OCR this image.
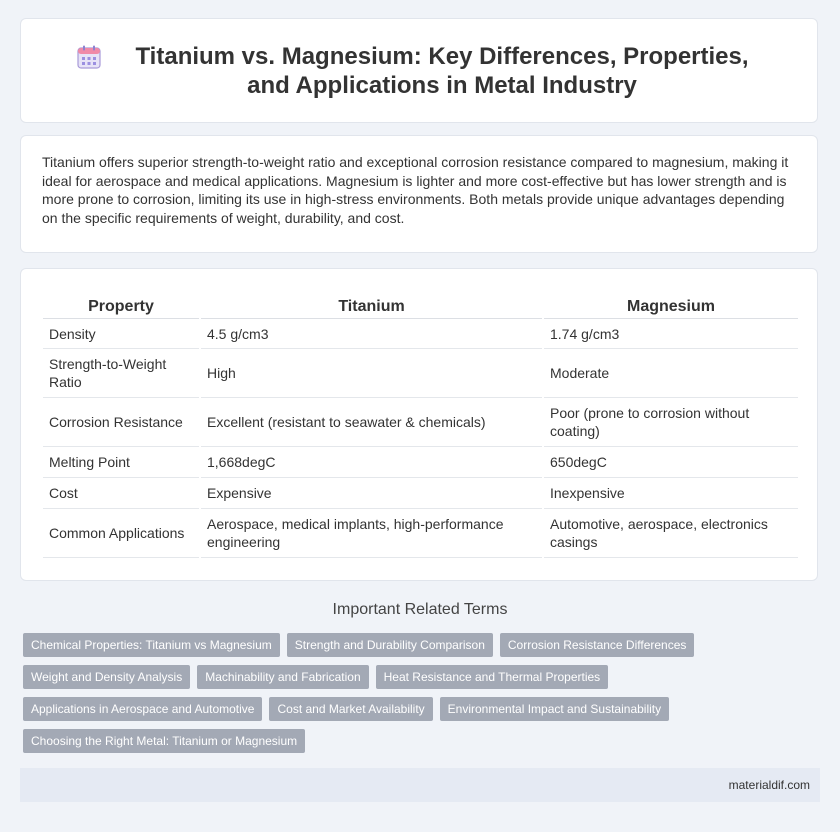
Titanium vs. Magnesium: Key Differences, Properties, and Applications in Metal Industry

Titanium offers superior strength-to-weight ratio and exceptional corrosion resistance compared to magnesium, making it ideal for aerospace and medical applications. Magnesium is lighter and more cost-effective but has lower strength and is more prone to corrosion, limiting its use in high-stress environments. Both metals provide unique advantages depending on the specific requirements of weight, durability, and cost.

Property	Titanium	Magnesium
Density	4.5 g/cm3	1.74 g/cm3
Strength-to-Weight Ratio	High	Moderate
Corrosion Resistance	Excellent (resistant to seawater & chemicals)	Poor (prone to corrosion without coating)
Melting Point	1,668degC	650degC
Cost	Expensive	Inexpensive
Common Applications	Aerospace, medical implants, high-performance engineering	Automotive, aerospace, electronics casings
Important Related Terms
Chemical Properties: Titanium vs Magnesium	Strength and Durability Comparison	Corrosion Resistance Differences
Weight and Density Analysis	Machinability and Fabrication	Heat Resistance and Thermal Properties
Applications in Aerospace and Automotive	Cost and Market Availability	Environmental Impact and Sustainability
Choosing the Right Metal: Titanium or Magnesium
materialdif.com
